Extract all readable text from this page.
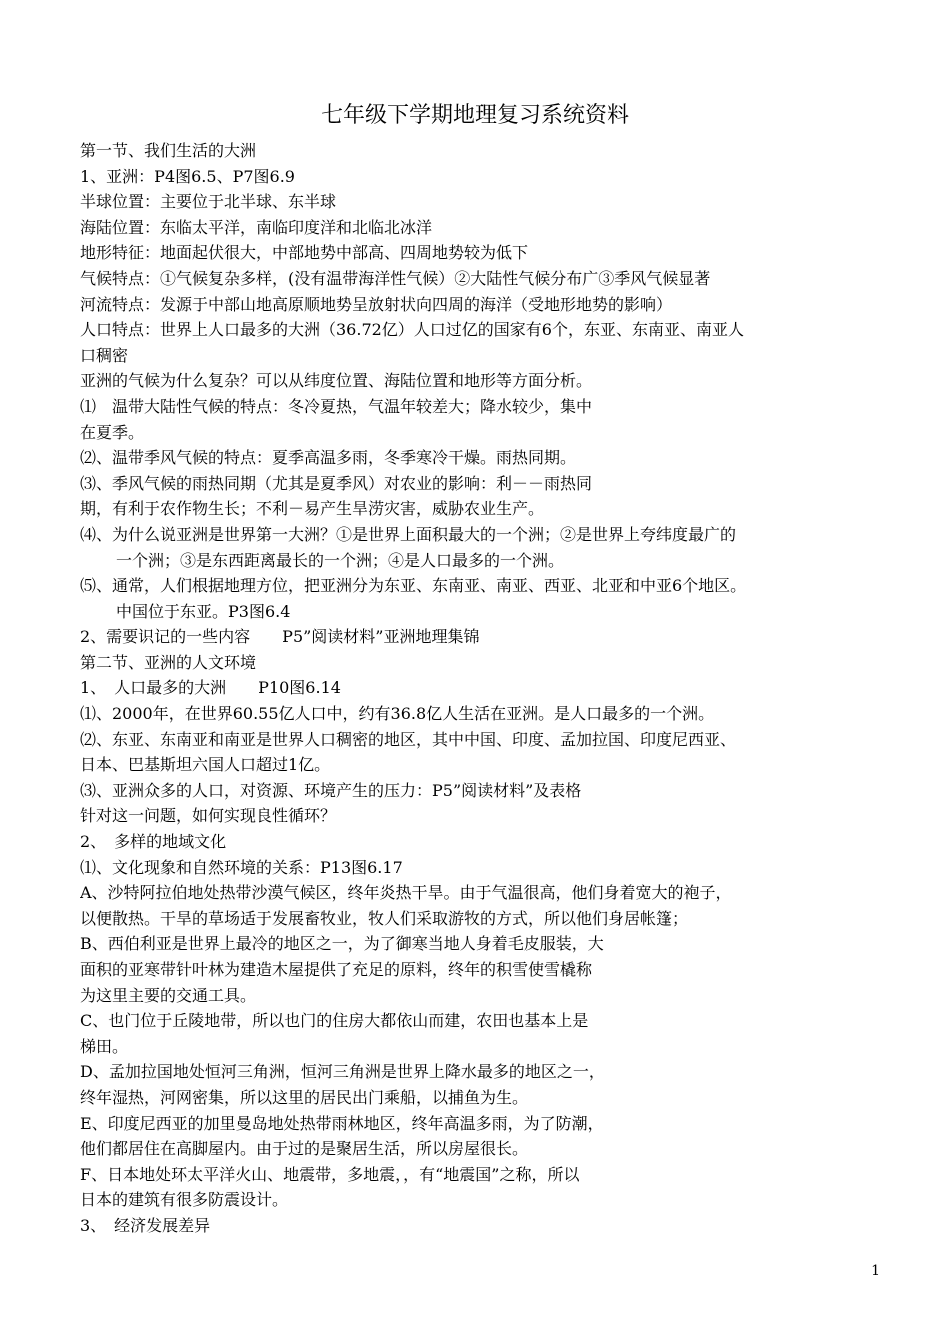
七年级下学期地理复习系统资料
第一节、我们生活的大洲
1、亚洲：P4图6.5、P7图6.9
半球位置：主要位于北半球、东半球
海陆位置：东临太平洋，南临印度洋和北临北冰洋
地形特征：地面起伏很大，中部地势中部高、四周地势较为低下
气候特点：①气候复杂多样，(没有温带海洋性气候）②大陆性气候分布广③季风气候显著
河流特点：发源于中部山地高原顺地势呈放射状向四周的海洋（受地形地势的影响）
人口特点：世界上人口最多的大洲（36.72亿）人口过亿的国家有6个，东亚、东南亚、南亚人
口稠密
亚洲的气候为什么复杂？可以从纬度位置、海陆位置和地形等方面分析。
⑴　温带大陆性气候的特点：冬冷夏热，气温年较差大；降水较少，集中
在夏季。
⑵、温带季风气候的特点：夏季高温多雨，冬季寒冷干燥。雨热同期。
⑶、季风气候的雨热同期（尤其是夏季风）对农业的影响：利－－雨热同
期，有利于农作物生长；不利－易产生旱涝灾害，威胁农业生产。
⑷、为什么说亚洲是世界第一大洲？①是世界上面积最大的一个洲；②是世界上夸纬度最广的
一个洲；③是东西距离最长的一个洲；④是人口最多的一个洲。
⑸、通常，人们根据地理方位，把亚洲分为东亚、东南亚、南亚、西亚、北亚和中亚6个地区。
中国位于东亚。P3图6.4
2、需要识记的一些内容　　P5”阅读材料”亚洲地理集锦
第二节、亚洲的人文环境
1、　人口最多的大洲　　P10图6.14
⑴、2000年，在世界60.55亿人口中，约有36.8亿人生活在亚洲。是人口最多的一个洲。
⑵、东亚、东南亚和南亚是世界人口稠密的地区，其中中国、印度、孟加拉国、印度尼西亚、
日本、巴基斯坦六国人口超过1亿。
⑶、亚洲众多的人口，对资源、环境产生的压力：P5”阅读材料”及表格
针对这一问题，如何实现良性循环？
2、　多样的地域文化
⑴、文化现象和自然环境的关系：P13图6.17
A、沙特阿拉伯地处热带沙漠气候区，终年炎热干旱。由于气温很高，他们身着宽大的袍子，
以便散热。干旱的草场适于发展畜牧业，牧人们采取游牧的方式，所以他们身居帐篷；
B、西伯利亚是世界上最冷的地区之一，为了御寒当地人身着毛皮服装，大
面积的亚寒带针叶林为建造木屋提供了充足的原料，终年的积雪使雪橇称
为这里主要的交通工具。
C、也门位于丘陵地带，所以也门的住房大都依山而建，农田也基本上是
梯田。
D、孟加拉国地处恒河三角洲，恒河三角洲是世界上降水最多的地区之一，
终年湿热，河网密集，所以这里的居民出门乘船，以捕鱼为生。
E、印度尼西亚的加里曼岛地处热带雨林地区，终年高温多雨，为了防潮，
他们都居住在高脚屋内。由于过的是聚居生活，所以房屋很长。
F、日本地处环太平洋火山、地震带，多地震，，有“地震国”之称，所以
日本的建筑有很多防震设计。
3、　经济发展差异
1
